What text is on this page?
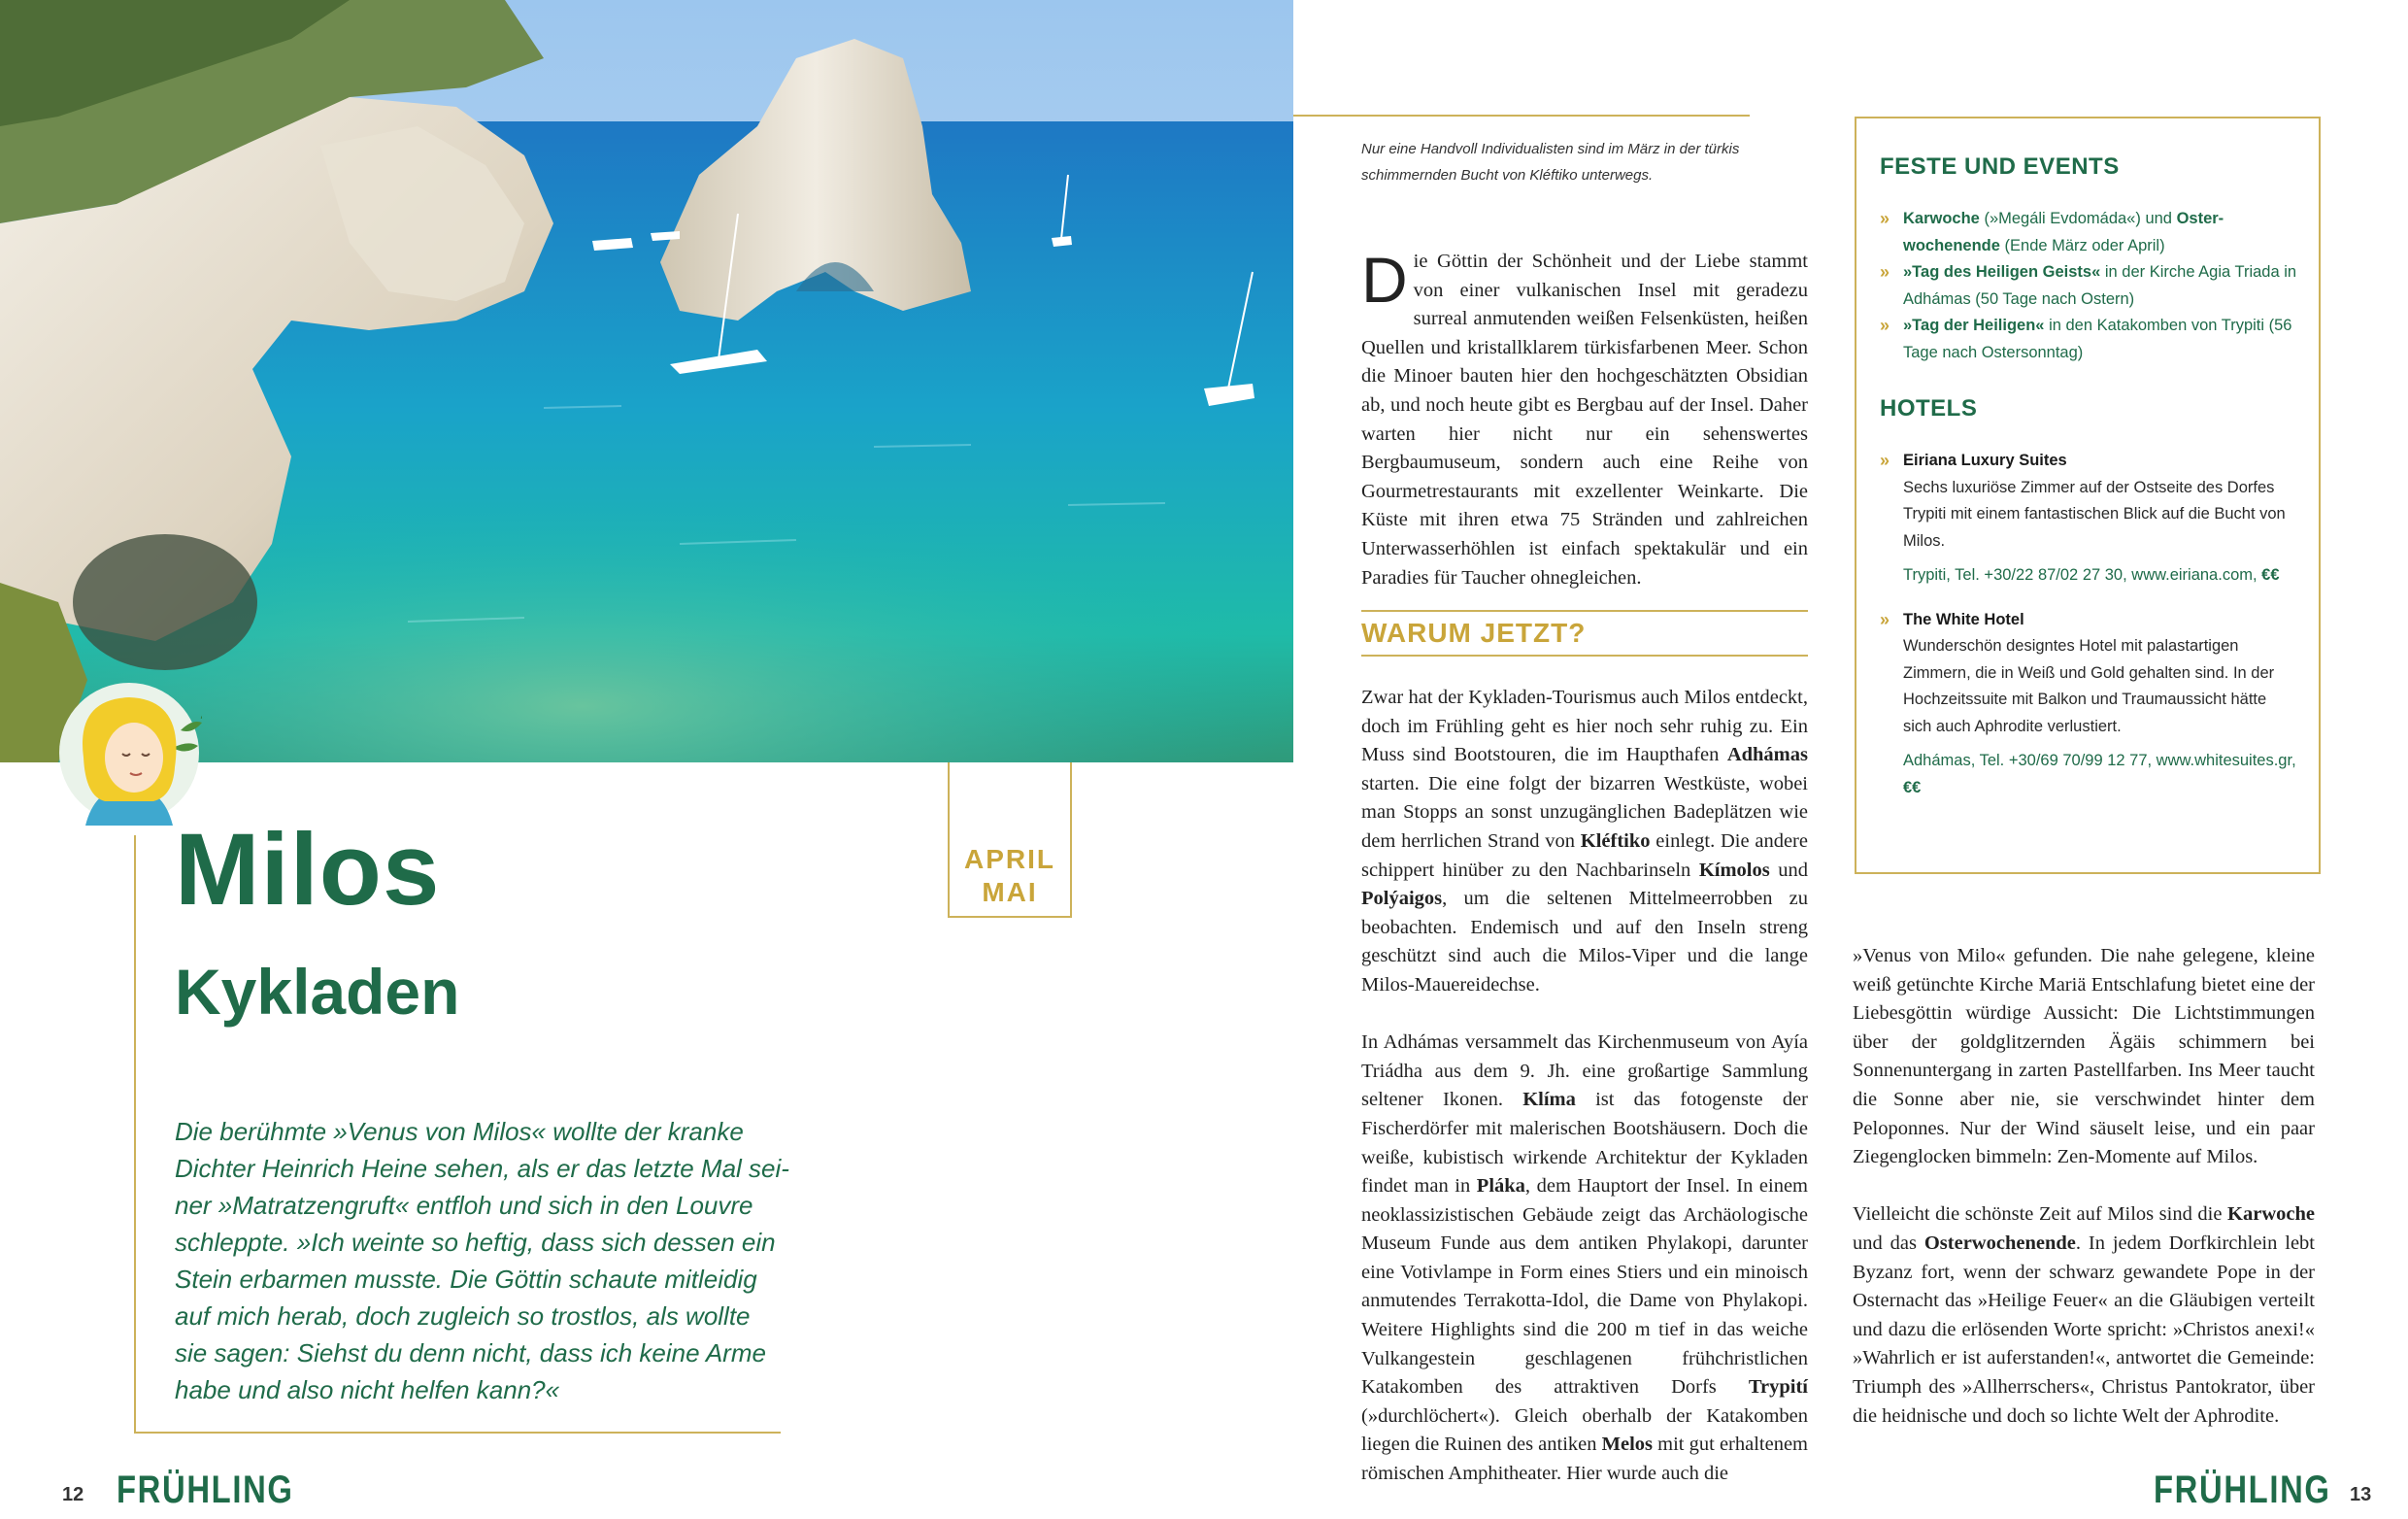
Milos
Kykladen
APRIL
MAI
Die berühmte »Venus von Milos« wollte der kranke
Dichter Heinrich Heine sehen, als er das letzte Mal sei-
ner »Matratzengruft« entfloh und sich in den Louvre
schleppte. »Ich weinte so heftig, dass sich dessen ein
Stein erbarmen musste. Die Göttin schaute mitleidig
auf mich herab, doch zugleich so trostlos, als wollte
sie sagen: Siehst du denn nicht, dass ich keine Arme
habe und also nicht helfen kann?«
12 FRÜHLING
Nur eine Handvoll Individualisten sind im März in der türkis schimmernden Bucht von Kléftiko unterwegs.
Die Göttin der Schönheit und der Liebe stammt von einer vulkanischen Insel mit geradezu surreal anmutenden weißen Felsenküsten, heißen Quellen und kristallklarem türkisfarbenen Meer. Schon die Minoer bauten hier den hochgeschätzten Obsidian ab, und noch heute gibt es Bergbau auf der Insel. Daher warten hier nicht nur ein sehenswertes Bergbaumuseum, sondern auch eine Reihe von Gourmetrestaurants mit exzellenter Weinkarte. Die Küste mit ihren etwa 75 Stränden und zahlreichen Unterwasserhöhlen ist einfach spektakulär und ein Paradies für Taucher ohnegleichen.
WARUM JETZT?

Zwar hat der Kykladen-Tourismus auch Milos entdeckt, doch im Frühling geht es hier noch sehr ruhig zu. Ein Muss sind Bootstouren, die im Haupthafen Adhámas starten. Die eine folgt der bizarren Westküste, wobei man Stopps an sonst unzugänglichen Badeplätzen wie dem herrlichen Strand von Kléftiko einlegt. Die andere schippert hinüber zu den Nachbarinseln Kímolos und Polýaigos, um die seltenen Mittelmeerrobben zu beobachten. Endemisch und auf den Inseln streng geschützt sind auch die Milos-Viper und die lange Milos-Mauereidechse.

In Adhámas versammelt das Kirchenmuseum von Ayía Triádha aus dem 9. Jh. eine großartige Sammlung seltener Ikonen. Klíma ist das fotogenste der Fischerdörfer mit malerischen Bootshäusern. Doch die weiße, kubistisch wirkende Architektur der Kykladen findet man in Pláka, dem Hauptort der Insel. In einem neoklassizistischen Gebäude zeigt das Archäologische Museum Funde aus dem antiken Phylakopi, darunter eine Votivlampe in Form eines Stiers und ein minoisch anmutendes Terrakotta-Idol, die Dame von Phylakopi. Weitere Highlights sind die 200 m tief in das weiche Vulkangestein geschlagenen frühchristlichen Katakomben des attraktiven Dorfs Trypití (»durchlöchert«). Gleich oberhalb der Katakomben liegen die Ruinen des antiken Melos mit gut erhaltenem römischen Amphitheater. Hier wurde auch die

»Venus von Milo« gefunden. Die nahe gelegene, kleine weiß getünchte Kirche Mariä Entschlafung bietet eine der Liebesgöttin würdige Aussicht: Die Lichtstimmungen über der goldglitzernden Ägäis schimmern bei Sonnenuntergang in zarten Pastellfarben. Ins Meer taucht die Sonne aber nie, sie verschwindet hinter dem Peloponnes. Nur der Wind säuselt leise, und ein paar Ziegenglocken bimmeln: Zen-Momente auf Milos.

Vielleicht die schönste Zeit auf Milos sind die Karwoche und das Osterwochenende. In jedem Dorfkirchlein lebt Byzanz fort, wenn der schwarz gewandete Pope in der Osternacht das »Heilige Feuer« an die Gläubigen verteilt und dazu die erlösenden Worte spricht: »Christos anexi!« »Wahrlich er ist auferstanden!«, antwortet die Gemeinde: Triumph des »Allherrschers«, Christus Pantokrator, über die heidnische und doch so lichte Welt der Aphrodite.

FESTE UND EVENTS
» Karwoche (»Megáli Evdomáda«) und Osterwochenende (Ende März oder April)
» »Tag des Heiligen Geists« in der Kirche Agia Triada in Adhámas (50 Tage nach Ostern)
» »Tag der Heiligen« in den Katakomben von Trypiti (56 Tage nach Ostersonntag)
HOTELS
» Eiriana Luxury Suites
Sechs luxuriöse Zimmer auf der Ostseite des Dorfes Trypiti mit einem fantastischen Blick auf die Bucht von Milos.
Trypiti, Tel. +30/22 87/02 27 30, www.eiriana.com, €€
» The White Hotel
Wunderschön designtes Hotel mit palastartigen Zimmern, die in Weiß und Gold gehalten sind. In der Hochzeitssuite mit Balkon und Traumaussicht hätte sich auch Aphrodite verlustiert.
Adhámas, Tel. +30/69 70/99 12 77, www.whitesuites.gr, €€
FRÜHLING 13
